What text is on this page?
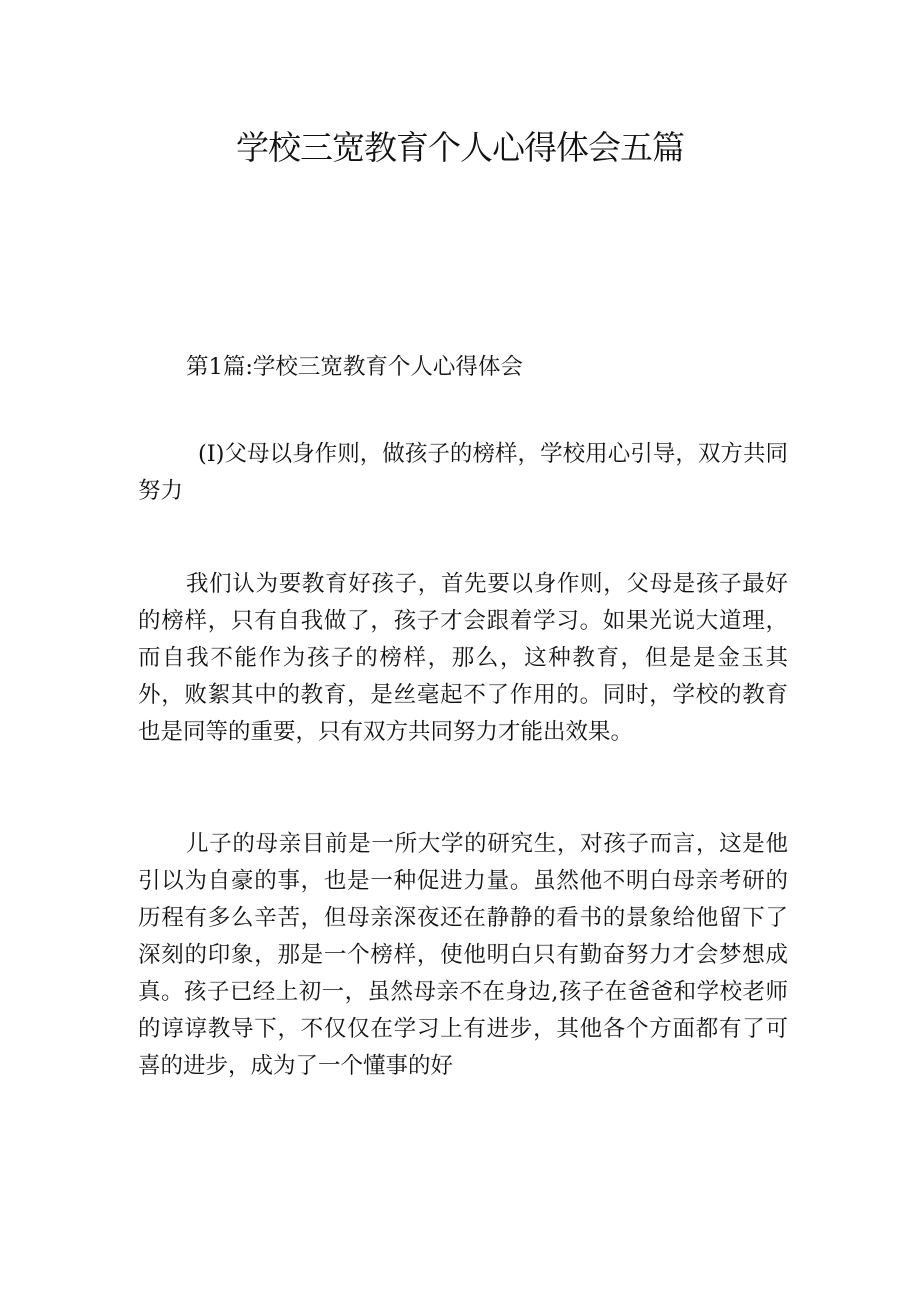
学校三宽教育个人心得体会五篇

第1篇:学校三宽教育个人心得体会

(I)父母以身作则，做孩子的榜样，学校用心引导，双方共同努力

我们认为要教育好孩子，首先要以身作则，父母是孩子最好的榜样，只有自我做了，孩子才会跟着学习。如果光说大道理，而自我不能作为孩子的榜样，那么，这种教育，但是是金玉其外，败絮其中的教育，是丝毫起不了作用的。同时，学校的教育也是同等的重要，只有双方共同努力才能出效果。

儿子的母亲目前是一所大学的研究生，对孩子而言，这是他引以为自豪的事，也是一种促进力量。虽然他不明白母亲考研的历程有多么辛苦，但母亲深夜还在静静的看书的景象给他留下了深刻的印象，那是一个榜样，使他明白只有勤奋努力才会梦想成真。孩子已经上初一，虽然母亲不在身边,孩子在爸爸和学校老师的谆谆教导下，不仅仅在学习上有进步，其他各个方面都有了可喜的进步，成为了一个懂事的好
